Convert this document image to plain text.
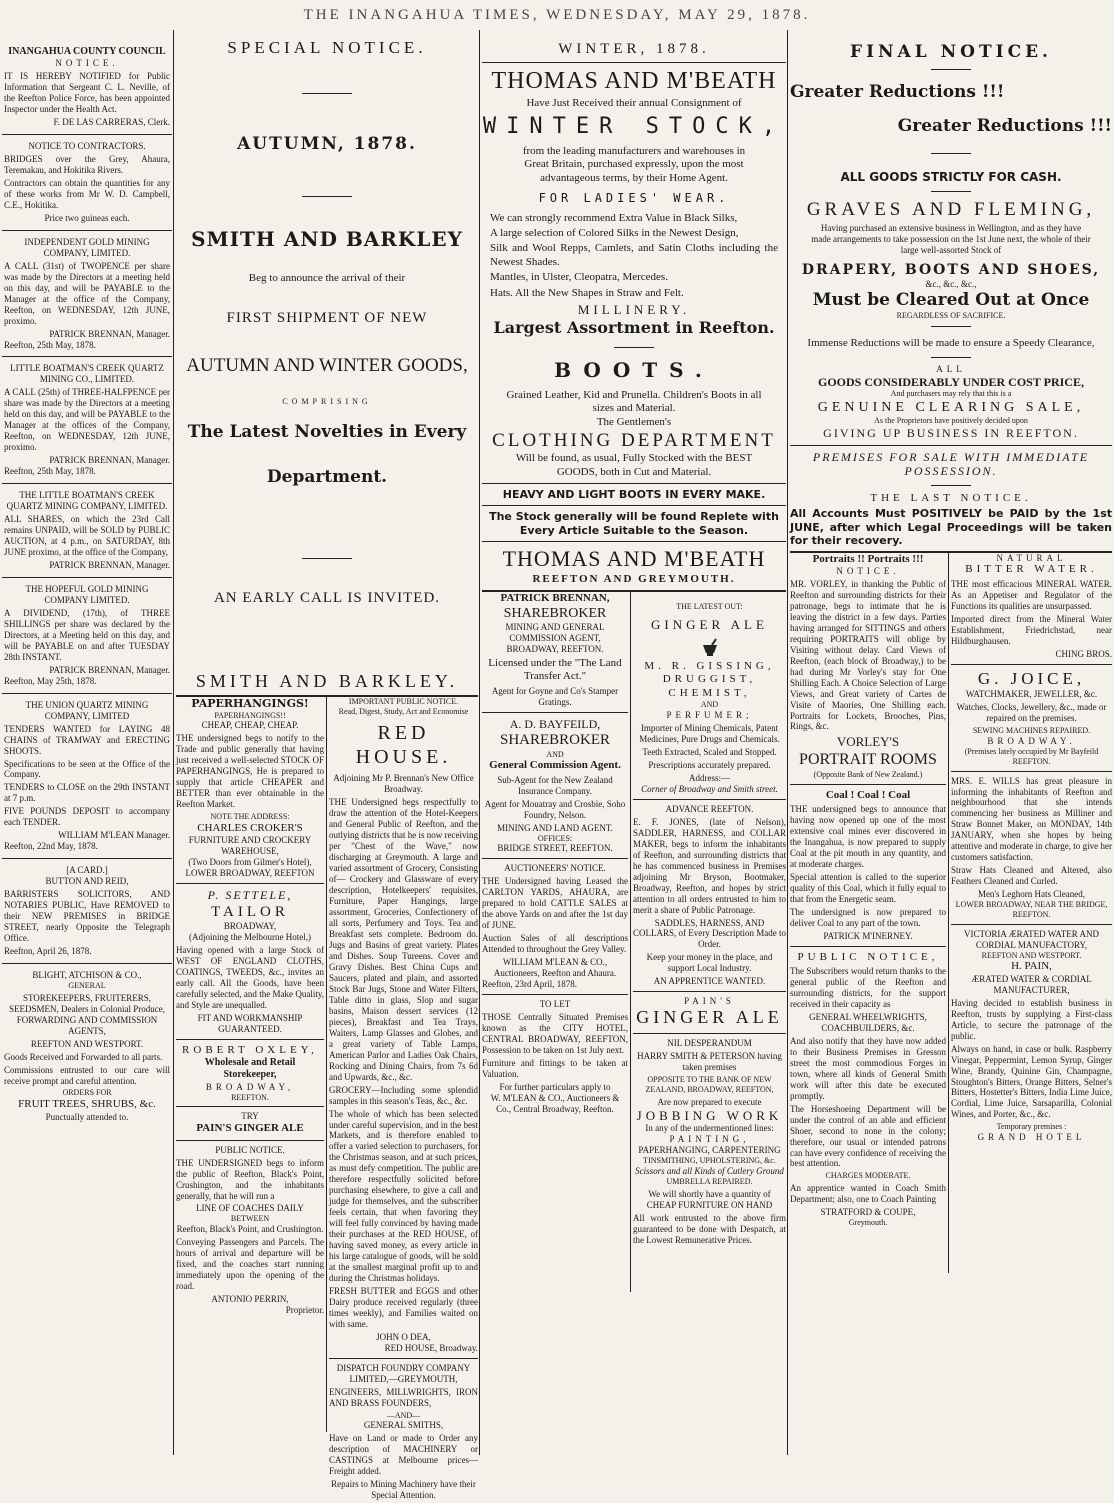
THE INANGAHUA TIMES, WEDNESDAY, MAY 29, 1878.
INANGAHUA COUNTY COUNCIL
NOTICE.

IT IS HEREBY NOTIFIED for Public Information that Sergeant C. L. Neville, of the Reefton Police Force, has been appointed Inspector under the Health Act.

F. DE LAS CARRERAS, Clerk.
NOTICE TO CONTRACTORS.

BRIDGES over the Grey, Ahaura, Teremakau, and Hokitika Rivers.

Contractors can obtain the quantities for any of these works from Mr W. D. Campbell, C.E., Hokitika.

Price two guineas each.
INDEPENDENT GOLD MINING COMPANY, LIMITED.

A CALL (31st) of TWOPENCE per share was made by the Directors at a meeting held on this day, and will be PAYABLE to the Manager at the office of the Company, Reefton, on WEDNESDAY, 12th JUNE, proximo.

PATRICK BRENNAN, Manager.
Reefton, 25th May, 1878.
LITTLE BOATMAN'S CREEK QUARTZ MINING CO., LIMITED.

A CALL (25th) of THREE-HALFPENCE per share was made by the Directors at a meeting held on this day, and will be PAYABLE to the Manager at the offices of the Company, Reefton, on WEDNESDAY, 12th JUNE, proximo.

PATRICK BRENNAN, Manager.
Reefton, 25th May, 1878.
THE LITTLE BOATMAN'S CREEK QUARTZ MINING COMPANY, LIMITED.

ALL SHARES, on which the 23rd Call remains UNPAID, will be SOLD by PUBLIC AUCTION, at 4 p.m., on SATURDAY, 8th JUNE proximo, at the office of the Company,

PATRICK BRENNAN, Manager.
THE HOPEFUL GOLD MINING COMPANY LIMITED.

A DIVIDEND, (17th), of THREE SHILLINGS per share was declared by the Directors, at a Meeting held on this day, and will be PAYABLE on and after TUESDAY 28th INSTANT.

PATRICK BRENNAN, Manager.
Reefton, May 25th, 1878.
THE UNION QUARTZ MINING COMPANY, LIMITED

TENDERS WANTED for LAYING 48 CHAINS of TRAMWAY and ERECTING SHOOTS.

Specifications to be seen at the Office of the Company.

TENDERS to CLOSE on the 29th INSTANT at 7 p.m.

FIVE POUNDS DEPOSIT to accompany each TENDER.

WILLIAM M'LEAN Manager.
Reefton, 22nd May, 1878.
[A CARD.]
BUTTON AND REID,

BARRISTERS SOLICITORS, AND NOTARIES PUBLIC, Have REMOVED to their NEW PREMISES in BRIDGE STREET, nearly Opposite the Telegraph Office.

Reefton, April 26, 1878.
BLIGHT, ATCHISON & CO.,
GENERAL

STOREKEEPERS, FRUITERERS, SEEDSMEN, Dealers in Colonial Produce, FORWARDING AND COMMISSION AGENTS,

REEFTON AND WESTPORT.

Goods Received and Forwarded to all parts.

Commissions entrusted to our care will receive prompt and careful attention.

ORDERS FOR
FRUIT TREES, SHRUBS, &c.
Punctually attended to.
SPECIAL NOTICE.
AUTUMN, 1878.
SMITH AND BARKLEY
Beg to announce the arrival of their
FIRST SHIPMENT OF NEW
AUTUMN AND WINTER GOODS,
COMPRISING
The Latest Novelties in Every
Department.
AN EARLY CALL IS INVITED.
SMITH AND BARKLEY.
PAPERHANGINGS!
PAPERHANGINGS!!
CHEAP, CHEAP, CHEAP.

THE undersigned begs to notify to the Trade and public generally that having just received a well-selected STOCK OF PAPERHANGINGS, He is prepared to supply that article CHEAPER and BETTER than ever obtainable in the Reefton Market.

NOTE THE ADDRESS:
CHARLES CROKER'S
FURNITURE AND CROCKERY WAREHOUSE,
(Two Doors from Gilmer's Hotel), LOWER BROADWAY, REEFTON
P. SETTELE,
TAILOR
BROADWAY,
(Adjoining the Melbourne Hotel,)

Having opened with a large Stock of WEST OF ENGLAND CLOTHS, COATINGS, TWEEDS, &c., invites an early call. All the Goods, have been carefully selected, and the Make Quality, and Style are unequalled.

FIT AND WORKMANSHIP GUARANTEED.
ROBERT OXLEY,
Wholesale and Retail
Storekeeper,
BROADWAY,
REEFTON.
TRY
PAIN'S GINGER ALE
PUBLIC NOTICE.

THE UNDERSIGNED begs to inform the public of Reefton, Black's Point, Crushington, and the inhabitants generally, that he will run a

LINE OF COACHES DAILY
BETWEEN
Reefton, Black's Point, and Crushington.

Conveying Passengers and Parcels. The hours of arrival and departure will be fixed, and the coaches start running immediately upon the opening of the road.

ANTONIO PERRIN,
Proprietor.
IMPORTANT PUBLIC NOTICE.
Read, Digest, Study, Act and Economise
RED HOUSE.
Adjoining Mr P. Brennan's New Office Broadway.

THE Undersigned begs respectfully to draw the attention of the Hotel-Keepers and General Public of Reefton, and the outlying districts that he is now receiving per "Chest of the Wave," now discharging at Greymouth. A large and varied assortment of Grocery, Consisting of— Crockery and Glassware of every description, Hotelkeepers' requisites, Furniture, Paper Hangings, large assortment, Groceries, Confectionery of all sorts, Perfumery and Toys. Tea and Breakfast sets complete. Bedroom do. Jugs and Basins of great variety. Plates and Dishes. Soup Tureens. Cover and Gravy Dishes. Best China Cups and Saucers, plated and plain, and assorted Stock Bar Jugs, Stone and Water Filters, Table ditto in glass, Slop and sugar basins, Maison dessert services (12 pieces), Breakfast and Tea Trays, Waiters, Lamp Glasses and Globes, and a great variety of Table Lamps, American Parlor and Ladies Oak Chairs, Rocking and Dining Chairs, from 7s 6d and Upwards, &c., &c.

GROCERY—Including some splendid samples in this season's Teas, &c., &c.

The whole of which has been selected under careful supervision, and in the best Markets, and is therefore enabled to offer a varied selection to purchasers, for the Christmas season, and at such prices, as must defy competition. The public are therefore respectfully solicited before purchasing elsewhere, to give a call and judge for themselves, and the subscriber feels certain, that when favoring they will feel fully convinced by having made their purchases at the RED HOUSE, of having saved money, as every article in his large catalogue of goods, will be sold at the smallest marginal profit up to and during the Christmas holidays.

FRESH BUTTER and EGGS and other Dairy produce received regularly (three times weekly), and Families waited on with same.

JOHN O DEA,
RED HOUSE, Broadway.
DISPATCH FOUNDRY COMPANY LIMITED,—GREYMOUTH,

ENGINEERS, MILLWRIGHTS, IRON AND BRASS FOUNDERS,

—AND—
GENERAL SMITHS,

Have on Land or made to Order any description of MACHINERY or CASTINGS at Melbourne prices—Freight added.

Repairs to Mining Machinery have their Special Attention.

WINTER, 1878.
THOMAS AND M'BEATH
Have Just Received their annual Consignment of
WINTER STOCK,
from the leading manufacturers and warehouses in Great Britain, purchased expressly, upon the most advantageous terms, by their Home Agent.
FOR LADIES' WEAR.

We can strongly recommend Extra Value in Black Silks,

A large selection of Colored Silks in the Newest Design,

Silk and Wool Repps, Camlets, and Satin Cloths including the Newest Shades.

Mantles, in Ulster, Cleopatra, Mercedes.

Hats. All the New Shapes in Straw and Felt.

MILLINERY.
Largest Assortment in Reefton.
BOOTS.
Grained Leather, Kid and Prunella. Children's Boots in all sizes and Material.
The Gentlemen's
CLOTHING DEPARTMENT
Will be found, as usual, Fully Stocked with the BEST GOODS, both in Cut and Material.
HEAVY AND LIGHT BOOTS IN EVERY MAKE.
The Stock generally will be found Replete with Every Article Suitable to the Season.
THOMAS AND M'BEATH
REEFTON AND GREYMOUTH.
PATRICK BRENNAN,
SHAREBROKER
MINING AND GENERAL COMMISSION AGENT,
BROADWAY, REEFTON.

Licensed under the "The Land Transfer Act."

Agent for Goyne and Co's Stamper Gratings.

A. D. BAYFEILD,
SHAREBROKER
AND
General Commission Agent.

Sub-Agent for the New Zealand Insurance Company.

Agent for Mouatray and Crosbie, Soho Foundry, Nelson.

MINING AND LAND AGENT.
OFFICES:
BRIDGE STREET, REEFTON.
AUCTIONEERS' NOTICE.

THE Undersigned having Leased the CARLTON YARDS, AHAURA, are prepared to hold CATTLE SALES at the above Yards on and after the 1st day of JUNE.

Auction Sales of all descriptions Attended to throughout the Grey Valley.

WILLIAM M'LEAN & CO., Auctioneers, Reefton and Ahaura.
Reefton, 23rd April, 1878.
TO LET

THOSE Centrally Situated Premises known as the CITY HOTEL, CENTRAL BROADWAY, REEFTON, Possession to be taken on 1st July next.

Furniture and fittings to be taken at Valuation.

For further particulars apply to
W. M'LEAN & CO., Auctioneers & Co., Central Broadway, Reefton.
THE LATEST OUT:
GINGER ALE
M. R. GISSING,
DRUGGIST, CHEMIST,
AND
PERFUMER;

Importer of Mining Chemicals, Patent Medicines, Pure Drugs and Chemicals.

Teeth Extracted, Scaled and Stopped.

Prescriptions accurately prepared.

Address:—
Corner of Broadway and Smith street.
ADVANCE REEFTON.

E. F. JONES, (late of Nelson), SADDLER, HARNESS, and COLLAR MAKER, begs to inform the inhabitants of Reefton, and surrounding districts that he has commenced business in Premises adjoining Mr Bryson, Bootmaker, Broadway, Reefton, and hopes by strict attention to all orders entrusted to him to merit a share of Public Patronage.

SADDLES, HARNESS, AND COLLARS, of Every Description Made to Order.

Keep your money in the place, and support Local Industry.

AN APPRENTICE WANTED.
PAIN'S
GINGER ALE
NIL DESPERANDUM

HARRY SMITH & PETERSON having taken premises

OPPOSITE TO THE BANK OF NEW ZEALAND, BROADWAY, REEFTON,

Are now prepared to execute
JOBBING WORK
In any of the undermentioned lines:
PAINTING,
PAPERHANGING, CARPENTERING
TINSMITHING, UPHOLSTERING, &c.
Scissors and all Kinds of Cutlery Ground
UMBRELLA REPAIRED.

We will shortly have a quantity of CHEAP FURNITURE ON HAND

All work entrusted to the above firm guaranteed to be done with Despatch, at the Lowest Remunerative Prices.

FINAL NOTICE.
Greater Reductions !!!
Greater Reductions !!!
ALL GOODS STRICTLY FOR CASH.
GRAVES AND FLEMING,

Having purchased an extensive business in Wellington, and as they have made arrangements to take possession on the 1st June next, the whole of their large well-assorted Stock of

DRAPERY, BOOTS AND SHOES,
&c., &c., &c.,
Must be Cleared Out at Once
REGARDLESS OF SACRIFICE.
Immense Reductions will be made to ensure a Speedy Clearance,
ALL
GOODS CONSIDERABLY UNDER COST PRICE,
And purchasers may rely that this is a
GENUINE CLEARING SALE,
As the Proprietors have positively decided upon
GIVING UP BUSINESS IN REEFTON.
PREMISES FOR SALE WITH IMMEDIATE POSSESSION.
THE LAST NOTICE.

All Accounts Must POSITIVELY be PAID by the 1st JUNE, after which Legal Proceedings will be taken for their recovery.

Portraits !! Portraits !!!
NOTICE.

MR. VORLEY, in thanking the Public of Reefton and surrounding districts for their patronage, begs to intimate that he is leaving the district in a few days. Parties having arranged for SITTINGS and others requiring PORTRAITS will oblige by Visiting without delay. Card Views of Reefton, (each block of Broadway,) to be had during Mr Vorley's stay for One Shilling Each. A Choice Selection of Large Views, and Great variety of Cartes de Visite of Maories, One Shilling each. Portraits for Lockets, Brooches, Pins, Rings, &c.

VORLEY'S
PORTRAIT ROOMS
(Opposite Bank of New Zealand.)
Coal ! Coal ! Coal

THE undersigned begs to announce that having now opened up one of the most extensive coal mines ever discovered in the Inangahua, is now prepared to supply Coal at the pit mouth in any quantity, and at moderate charges.

Special attention is called to the superior quality of this Coal, which it fully equal to that from the Energetic seam.

The undersigned is now prepared to deliver Coal to any part of the town.

PATRICK M'INERNEY.
PUBLIC NOTICE,

The Subscribers would return thanks to the general public of the Reefton and surrounding districts, for the support received in their capacity as

GENERAL WHEELWRIGHTS, COACHBUILDERS, &c.

And also notify that they have now added to their Business Premises in Gresson street the most commodious Forges in town, where all kinds of General Smith work will after this date be executed promptly.

The Horseshoeing Department will be under the control of an able and efficient Shoer, second to none in the colony; therefore, our usual or intended patrons can have every confidence of receiving the best attention.

CHARGES MODERATE.

An apprentice wanted in Coach Smith Department; also, one to Coach Painting

STRATFORD & COUPE,
Greymouth.
NATURAL
BITTER WATER.

THE most efficacious MINERAL WATER. As an Appetiser and Regulator of the Functions its qualities are unsurpassed.

Imported direct from the Mineral Water Establishment, Friedrichstad, near Hildburghausen.

CHING BROS.
G. JOICE,
WATCHMAKER, JEWELLER, &c.

Watches, Clocks, Jewellery, &c., made or repaired on the premises.

SEWING MACHINES REPAIRED.
BROADWAY.
(Premises lately occupied by Mr Bayfeild REEFTON.

MRS. E. WILLS has great pleasure in informing the inhabitants of Reefton and neighbourhood that she intends commencing her business as Milliner and Straw Bonnet Maker, on MONDAY, 14th JANUARY, when she hopes by being attentive and moderate in charge, to give her customers satisfaction.

Straw Hats Cleaned and Altered, also Feathers Cleaned and Curled.

Men's Leghorn Hats Cleaned,
LOWER BROADWAY, NEAR THE BRIDGE, REEFTON.
VICTORIA ÆRATED WATER AND CORDIAL MANUFACTORY,
REEFTON AND WESTPORT.
H. PAIN,
ÆRATED WATER & CORDIAL MANUFACTURER,

Having decided to establish business in Reefton, trusts by supplying a First-class Article, to secure the patronage of the public.

Always on hand, in case or bulk. Raspberry Vinegar, Peppermint, Lemon Syrup, Ginger Wine, Brandy, Quinine Gin, Champagne, Stoughton's Bitters, Orange Bitters, Selner's Bitters, Hostetter's Bitters, India Lime Juice, Cordial, Lime Juice, Sarsaparilla, Colonial Wines, and Porter, &c., &c.

Temporary premises :
GRAND HOTEL
